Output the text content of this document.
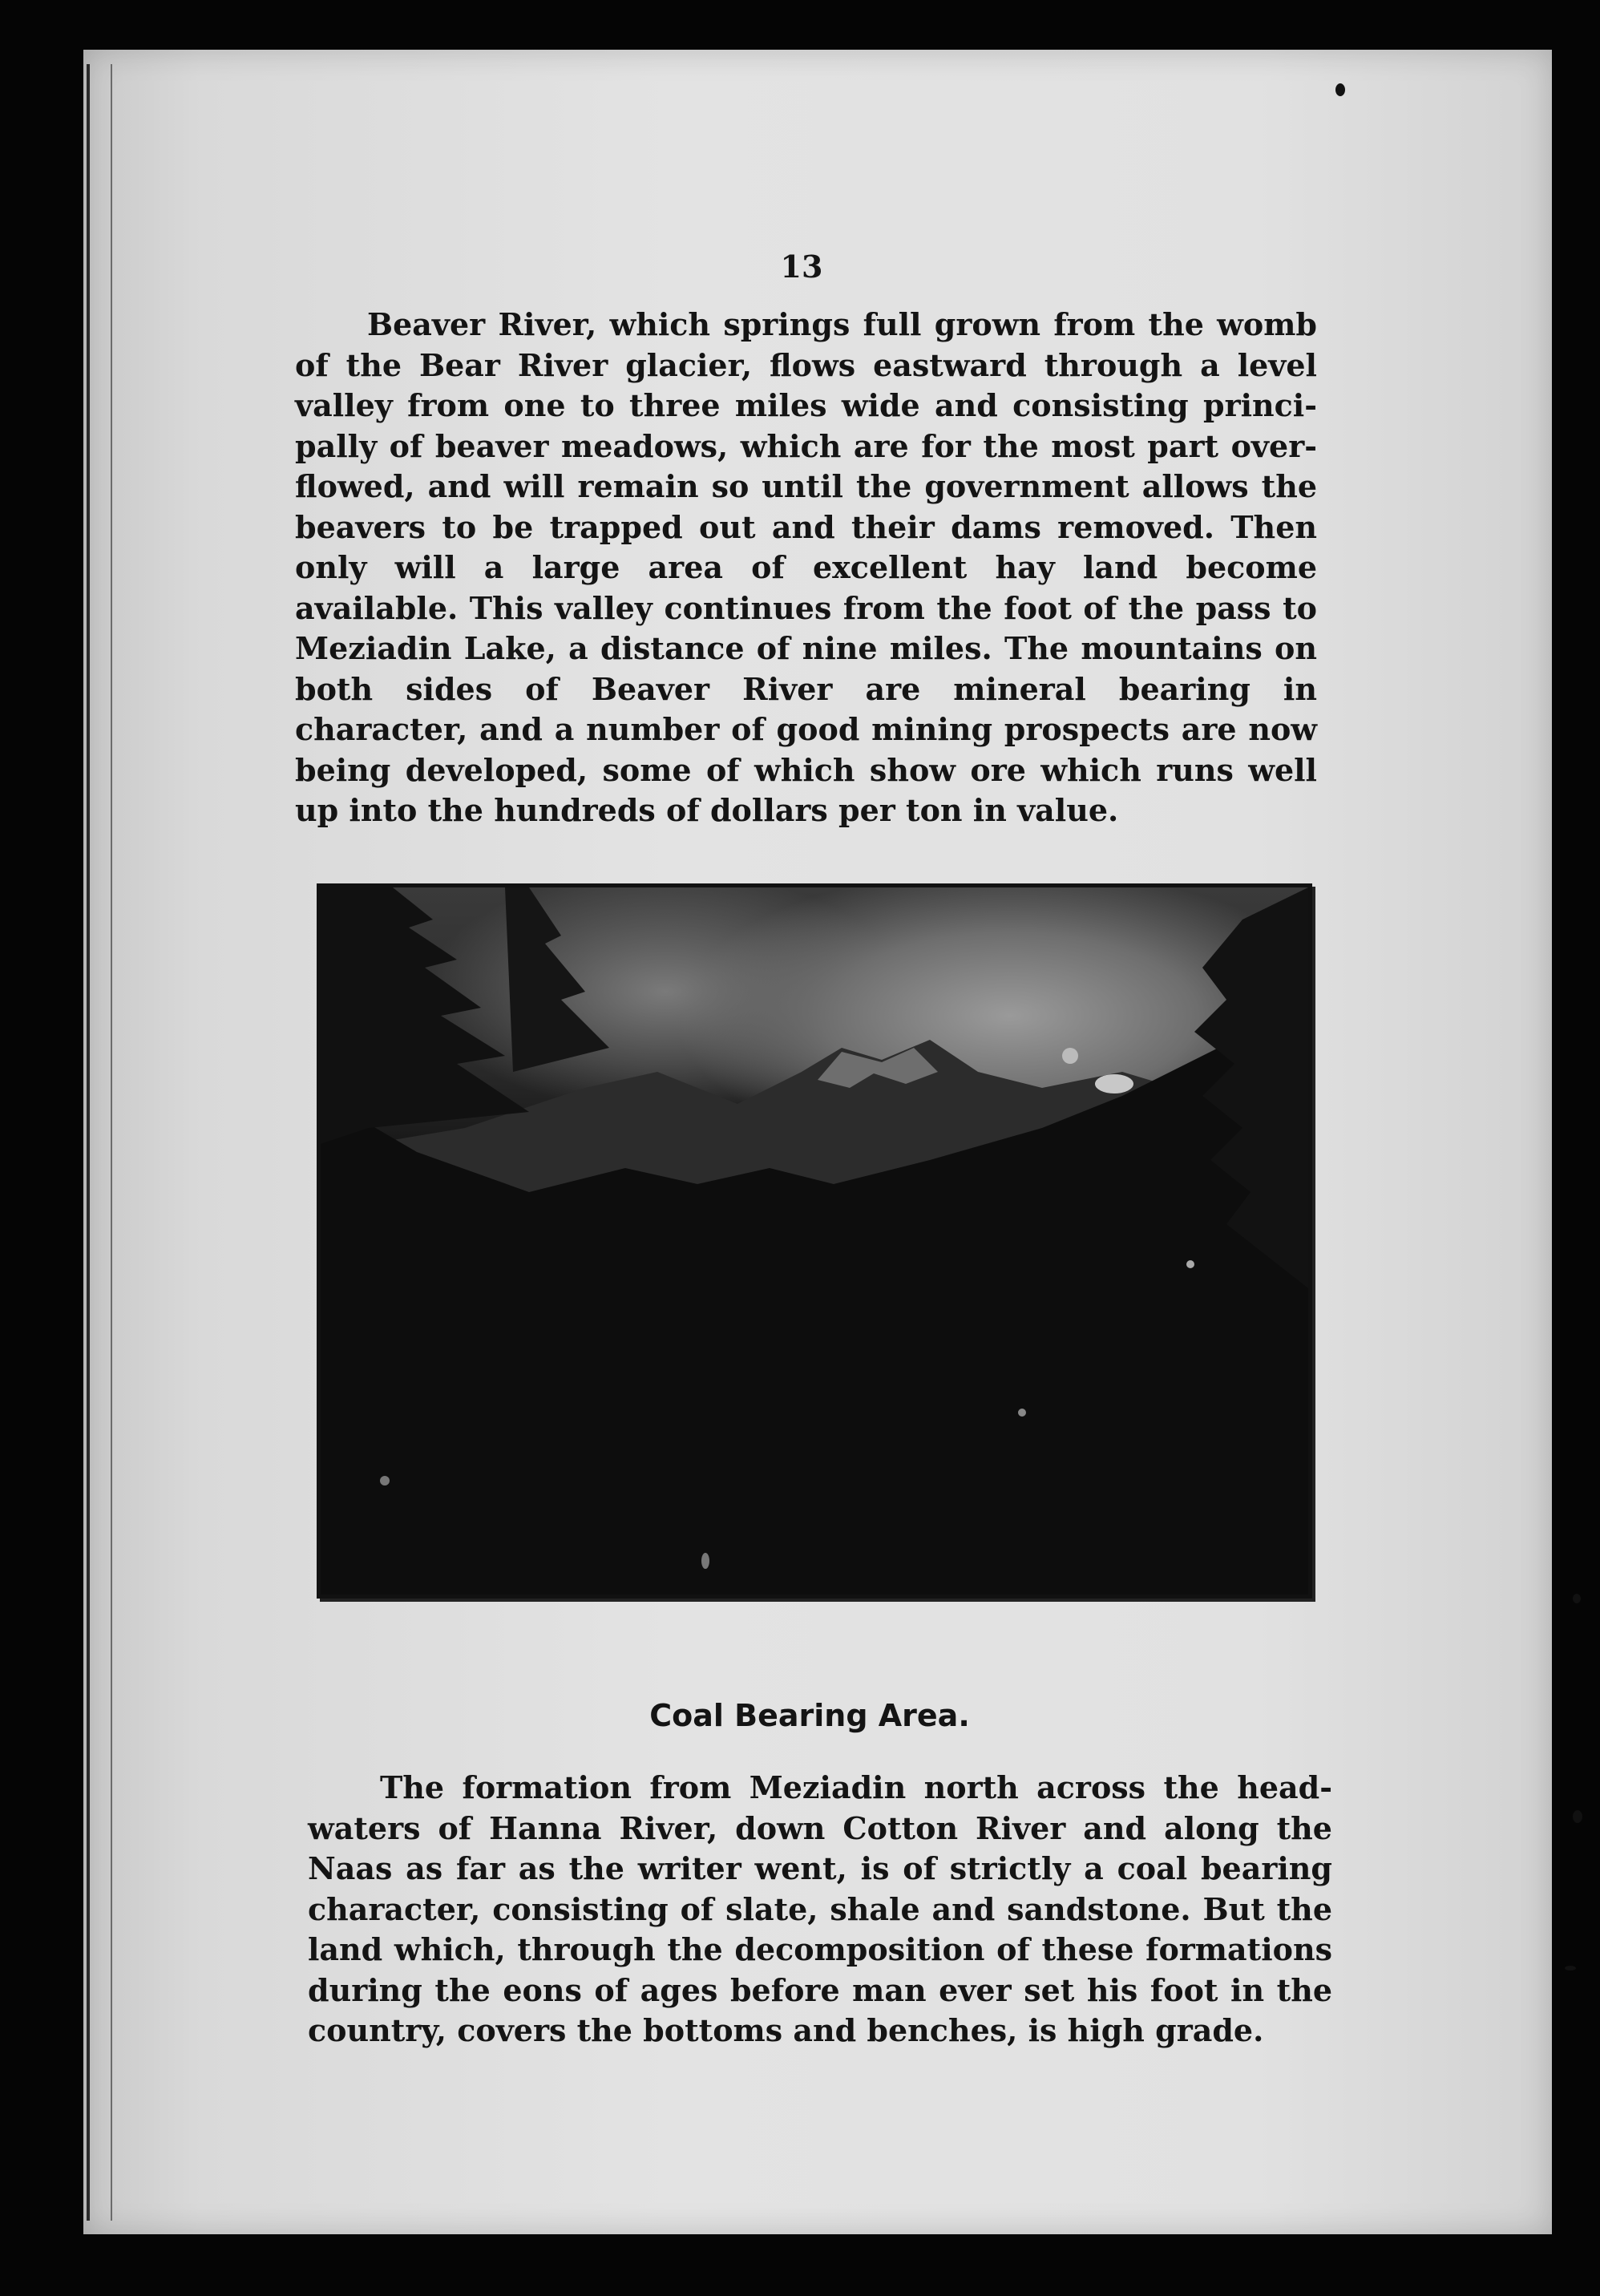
13

Beaver River, which springs full grown from the womb of the Bear River glacier, flows eastward through a level valley from one to three miles wide and consisting princi- pally of beaver meadows, which are for the most part over- flowed, and will remain so until the government allows the beavers to be trapped out and their dams removed. Then only will a large area of excellent hay land become available. This valley continues from the foot of the pass to Meziadin Lake, a distance of nine miles. The mountains on both sides of Beaver River are mineral bearing in character, and a number of good mining prospects are now being developed, some of which show ore which runs well up into the hundreds of dollars per ton in value.

Coal Bearing Area.

The formation from Meziadin north across the head- waters of Hanna River, down Cotton River and along the Naas as far as the writer went, is of strictly a coal bearing character, consisting of slate, shale and sandstone. But the land which, through the decomposition of these formations during the eons of ages before man ever set his foot in the country, covers the bottoms and benches, is high grade.
